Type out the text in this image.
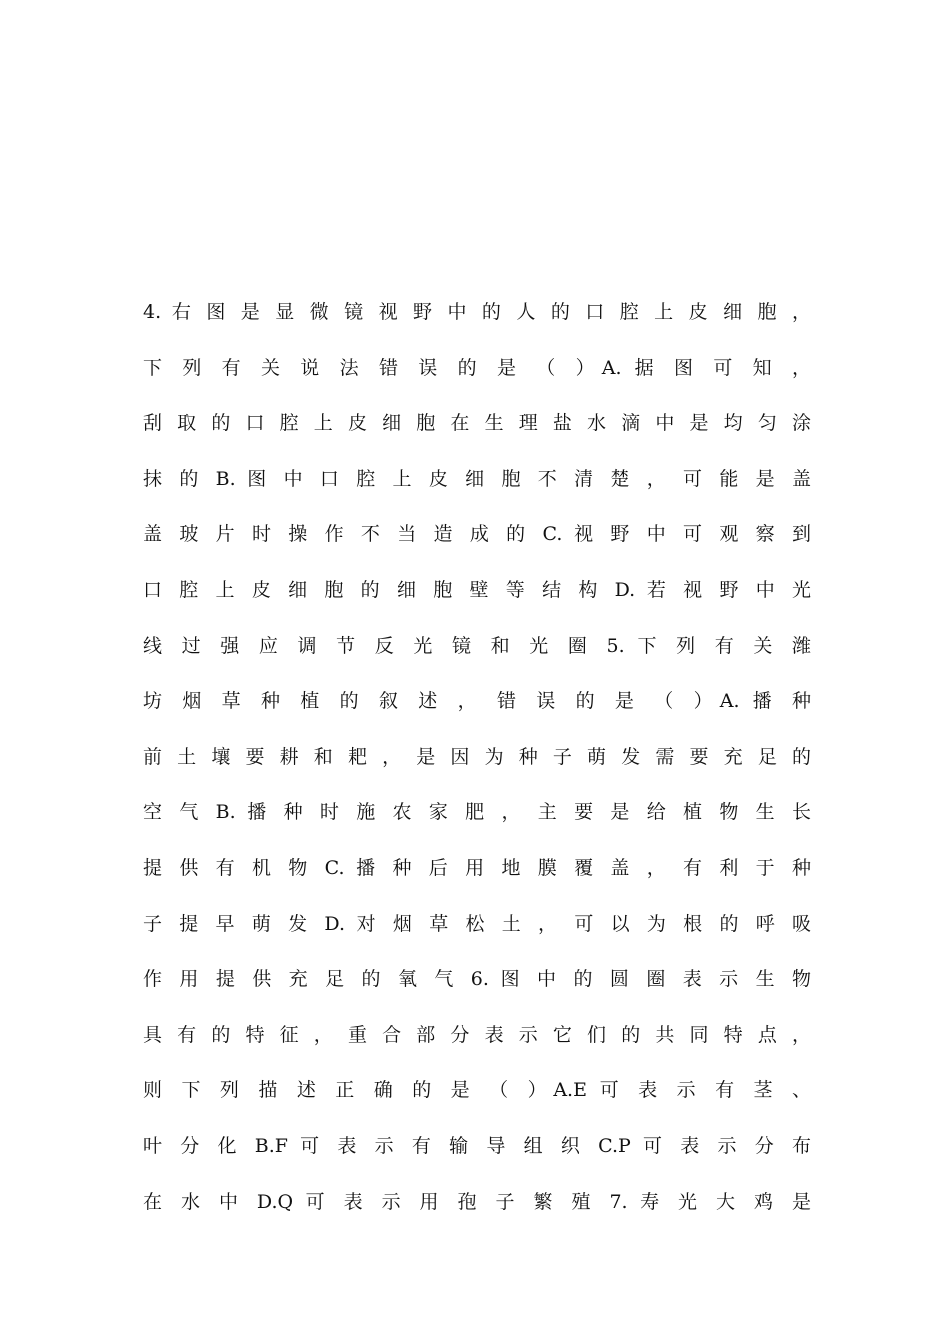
4. 右 图 是 显 微 镜 视 野 中 的 人 的 口 腔 上 皮 细 胞 ，
下 列 有 关 说 法 错 误 的 是 （ ）A. 据 图 可 知 ，
刮 取 的 口 腔 上 皮 细 胞 在 生 理 盐 水 滴 中 是 均 匀 涂
抹 的 B. 图 中 口 腔 上 皮 细 胞 不 清 楚 ， 可 能 是 盖
盖 玻 片 时 操 作 不 当 造 成 的 C. 视 野 中 可 观 察 到
口 腔 上 皮 细 胞 的 细 胞 壁 等 结 构 D. 若 视 野 中 光
线 过 强 应 调 节 反 光 镜 和 光 圈 5. 下 列 有 关 潍
坊 烟 草 种 植 的 叙 述 ， 错 误 的 是 （ ）A. 播 种
前 土 壤 要 耕 和 耙 ， 是 因 为 种 子 萌 发 需 要 充 足 的
空 气 B. 播 种 时 施 农 家 肥 ， 主 要 是 给 植 物 生 长
提 供 有 机 物 C. 播 种 后 用 地 膜 覆 盖 ， 有 利 于 种
子 提 早 萌 发 D. 对 烟 草 松 土 ， 可 以 为 根 的 呼 吸
作 用 提 供 充 足 的 氧 气 6. 图 中 的 圆 圈 表 示 生 物
具 有 的 特 征 ， 重 合 部 分 表 示 它 们 的 共 同 特 点 ，
则 下 列 描 述 正 确 的 是 （ ）A.E 可 表 示 有 茎 、
叶 分 化 B.F 可 表 示 有 输 导 组 织 C.P 可 表 示 分 布
在 水 中 D.Q 可 表 示 用 孢 子 繁 殖 7. 寿 光 大 鸡 是
